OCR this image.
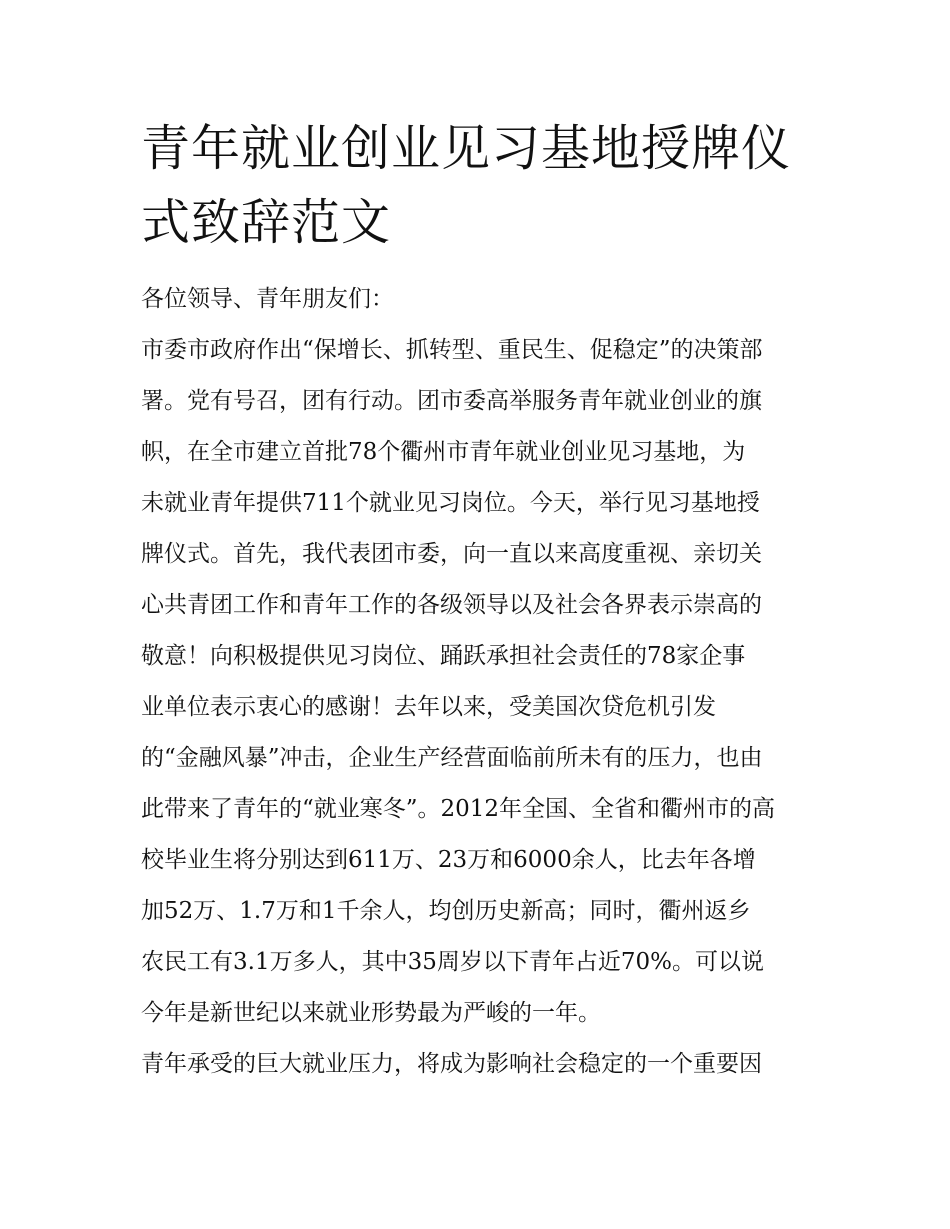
青年就业创业见习基地授牌仪
式致辞范文
各位领导、青年朋友们：
市委市政府作出“保增长、抓转型、重民生、促稳定”的决策部
署。党有号召，团有行动。团市委高举服务青年就业创业的旗
帜，在全市建立首批78个衢州市青年就业创业见习基地，为
未就业青年提供711个就业见习岗位。今天，举行见习基地授
牌仪式。首先，我代表团市委，向一直以来高度重视、亲切关
心共青团工作和青年工作的各级领导以及社会各界表示崇高的
敬意！向积极提供见习岗位、踊跃承担社会责任的78家企事
业单位表示衷心的感谢！去年以来，受美国次贷危机引发
的“金融风暴”冲击，企业生产经营面临前所未有的压力，也由
此带来了青年的“就业寒冬”。2012年全国、全省和衢州市的高
校毕业生将分别达到611万、23万和6000余人，比去年各增
加52万、1.7万和1千余人，均创历史新高；同时，衢州返乡
农民工有3.1万多人，其中35周岁以下青年占近70%。可以说
今年是新世纪以来就业形势最为严峻的一年。
青年承受的巨大就业压力，将成为影响社会稳定的一个重要因
